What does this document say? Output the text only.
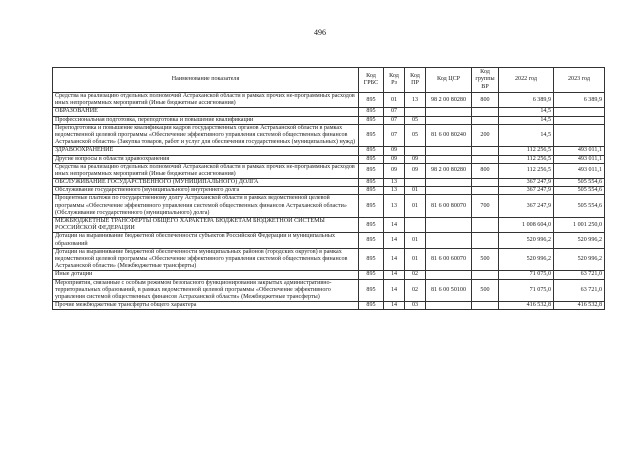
496
Наименование показателя	Код ГРБС	Код Рз	Код ПР	Код ЦСР	Код группы ВР	2022 год	2023 год
Средства на реализацию отдельных полномочий Астраханской области в рамках прочих не-программных расходов иных непрограммных мероприятий (Иные бюджетные ассигнования)	895	01	13	98 2 00 80280	800	6 389,9	6 389,9
ОБРАЗОВАНИЕ	895	07				14,5	
Профессиональная подготовка, переподготовка и повышение квалификации	895	07	05			14,5	
Переподготовка и повышение квалификации кадров государственных органов Астраханской области в рамках ведомственной целевой программы «Обеспечение эффективного управления системой общественных финансов Астраханской области» (Закупка товаров, работ и услуг для обеспечения государственных (муниципальных) нужд)	895	07	05	81 6 00 80240	200	14,5	
ЗДРАВООХРАНЕНИЕ	895	09				112 256,5	493 011,1
Другие вопросы в области здравоохранения	895	09	09			112 256,5	493 011,1
Средства на реализацию отдельных полномочий Астраханской области в рамках прочих не-программных расходов иных непрограммных мероприятий (Иные бюджетные ассигнования)	895	09	09	98 2 00 80280	800	112 256,5	493 011,1
ОБСЛУЖИВАНИЕ ГОСУДАРСТВЕННОГО (МУНИЦИПАЛЬНОГО) ДОЛГА	895	13				367 247,9	505 554,6
Обслуживание государственного (муниципального) внутреннего долга	895	13	01			367 247,9	505 554,6
Процентные платежи по государственному долгу Астраханской области в рамках ведомственной целевой программы «Обеспечение эффективного управления системой общественных финансов Астраханской области» (Обслуживание государственного (муниципального) долга)	895	13	01	81 6 00 80070	700	367 247,9	505 554,6
МЕЖБЮДЖЕТНЫЕ ТРАНСФЕРТЫ ОБЩЕГО ХАРАКТЕРА БЮДЖЕТАМ БЮДЖЕТНОЙ СИСТЕМЫ РОССИЙСКОЙ ФЕДЕРАЦИИ	895	14				1 008 604,0	1 001 250,0
Дотации на выравнивание бюджетной обеспеченности субъектов Российской Федерации и муниципальных образований	895	14	01			520 996,2	520 996,2
Дотации на выравнивание бюджетной обеспеченности муниципальных районов (городских округов) в рамках ведомственной целевой программы «Обеспечение эффективного управления системой общественных финансов Астраханской области» (Межбюджетные трансферты)	895	14	01	81 6 00 60070	500	520 996,2	520 996,2
Иные дотации	895	14	02			71 075,0	63 721,0
Мероприятия, связанные с особым режимом безопасного функционирования закрытых административно-территориальных образований, в рамках ведомственной целевой программы «Обеспечение эффективного управления системой общественных финансов Астраханской области» (Межбюджетные трансферты)	895	14	02	81 6 00 50100	500	71 075,0	63 721,0
Прочие межбюджетные трансферты общего характера	895	14	03			416 532,8	416 532,8
